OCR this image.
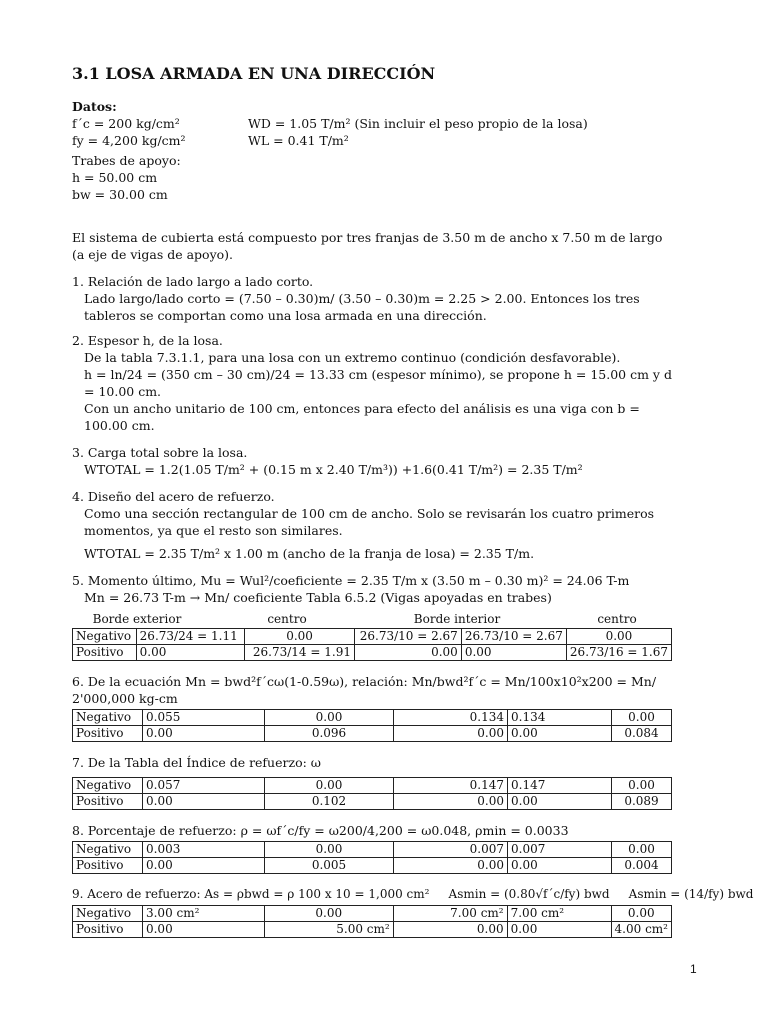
3.1 LOSA ARMADA EN UNA DIRECCIÓN
Datos:
f´c = 200 kg/cm²	WD = 1.05 T/m² (Sin incluir el peso propio de la losa)
fy = 4,200 kg/cm²	WL = 0.41 T/m²
Trabes de apoyo:
h = 50.00 cm
bw = 30.00 cm
El sistema de cubierta está compuesto por tres franjas de 3.50 m de ancho x 7.50 m de largo (a eje de vigas de apoyo).
1. Relación de lado largo a lado corto.
Lado largo/lado corto = (7.50 – 0.30)m/ (3.50 – 0.30)m = 2.25 > 2.00. Entonces los tres tableros se comportan como una losa armada en una dirección.
2. Espesor h, de la losa.
De la tabla 7.3.1.1, para una losa con un extremo continuo (condición desfavorable).
h = ln/24 = (350 cm – 30 cm)/24 = 13.33 cm (espesor mínimo), se propone h = 15.00 cm y d = 10.00 cm.
Con un ancho unitario de 100 cm, entonces para efecto del análisis es una viga con b = 100.00 cm.
3. Carga total sobre la losa.
WTOTAL = 1.2(1.05 T/m² + (0.15 m x 2.40 T/m³)) +1.6(0.41 T/m²) = 2.35 T/m²
4. Diseño del acero de refuerzo.
Como una sección rectangular de 100 cm de ancho. Solo se revisarán los cuatro primeros momentos, ya que el resto son similares.
WTOTAL = 2.35 T/m² x 1.00 m (ancho de la franja de losa) = 2.35 T/m.
5. Momento último, Mu = Wul²/coeficiente = 2.35 T/m x (3.50 m – 0.30 m)² = 24.06 T-m
Mn = 26.73 T-m → Mn/ coeficiente Tabla 6.5.2 (Vigas apoyadas en trabes)
Borde exterior	centro	Borde interior	centro
Negativo	26.73/24 = 1.11	0.00	26.73/10 = 2.67	26.73/10 = 2.67	0.00
Positivo	0.00	26.73/14 = 1.91	0.00	0.00	26.73/16 = 1.67
6. De la ecuación Mn = bwd²f´cω(1-0.59ω), relación: Mn/bwd²f´c = Mn/100x10²x200 = Mn/ 2'000,000 kg-cm
Negativo	0.055	0.00	0.134	0.134	0.00
Positivo	0.00	0.096	0.00	0.00	0.084
7. De la Tabla del Índice de refuerzo: ω
Negativo	0.057	0.00	0.147	0.147	0.00
Positivo	0.00	0.102	0.00	0.00	0.089
8. Porcentaje de refuerzo: ρ = ωf´c/fy = ω200/4,200 = ω0.048, ρmin = 0.0033
Negativo	0.003	0.00	0.007	0.007	0.00
Positivo	0.00	0.005	0.00	0.00	0.004
9. Acero de refuerzo: As = ρbwd = ρ 100 x 10 = 1,000 cm²     Asmin = (0.80√f´c/fy) bwd     Asmin = (14/fy) bwd
Negativo	3.00 cm²	0.00	7.00 cm²	7.00 cm²	0.00
Positivo	0.00	5.00 cm²	0.00	0.00	4.00 cm²
1
